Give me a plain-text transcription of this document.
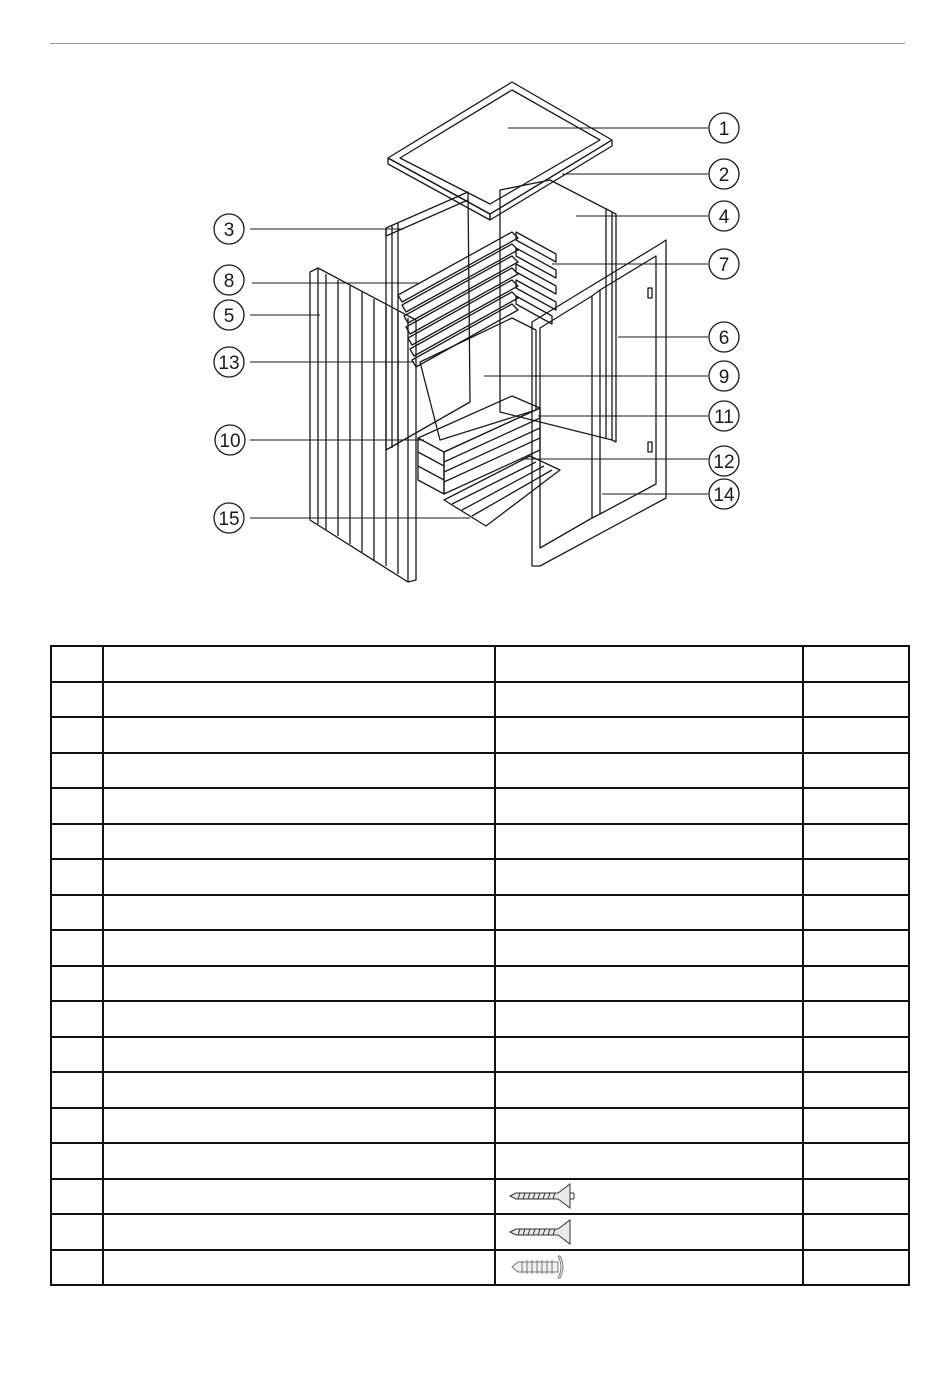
1
2
3
4
5
6
7
8
9
10
11
12
13
14
15
